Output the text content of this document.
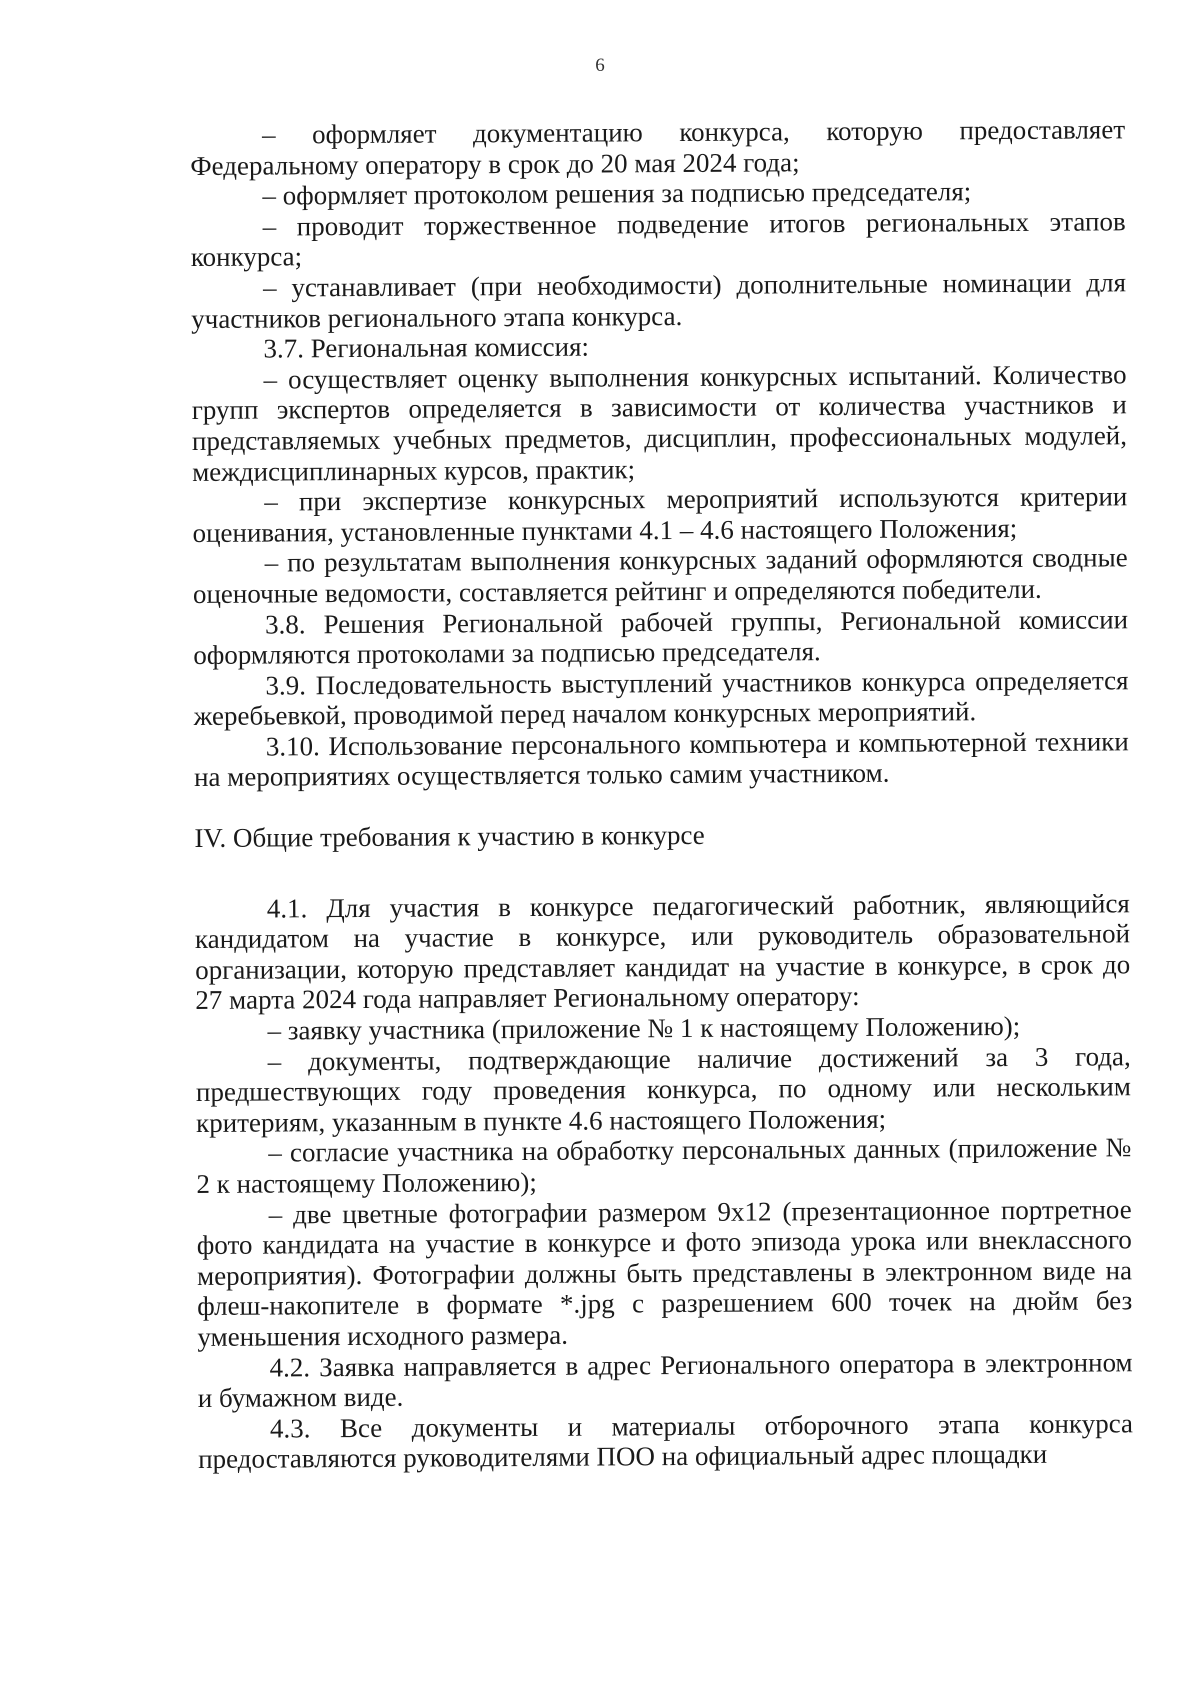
6

– оформляет документацию конкурса, которую предоставляет Федеральному оператору в срок до 20 мая 2024 года;

– оформляет протоколом решения за подписью председателя;

– проводит торжественное подведение итогов региональных этапов конкурса;

– устанавливает (при необходимости) дополнительные номинации для участников регионального этапа конкурса.

3.7. Региональная комиссия:

– осуществляет оценку выполнения конкурсных испытаний. Количество групп экспертов определяется в зависимости от количества участников и представляемых учебных предметов, дисциплин, профессиональных модулей, междисциплинарных курсов, практик;

– при экспертизе конкурсных мероприятий используются критерии оценивания, установленные пунктами 4.1 – 4.6 настоящего Положения;

– по результатам выполнения конкурсных заданий оформляются сводные оценочные ведомости, составляется рейтинг и определяются победители.

3.8. Решения Региональной рабочей группы, Региональной комиссии оформляются протоколами за подписью председателя.

3.9. Последовательность выступлений участников конкурса определяется жеребьевкой, проводимой перед началом конкурсных мероприятий.

3.10. Использование персонального компьютера и компьютерной техники на мероприятиях осуществляется только самим участником.

IV. Общие требования к участию в конкурсе

4.1. Для участия в конкурсе педагогический работник, являющийся кандидатом на участие в конкурсе, или руководитель образовательной организации, которую представляет кандидат на участие в конкурсе, в срок до 27 марта 2024 года направляет Региональному оператору:

– заявку участника (приложение № 1 к настоящему Положению);

– документы, подтверждающие наличие достижений за 3 года, предшествующих году проведения конкурса, по одному или нескольким критериям, указанным в пункте 4.6 настоящего Положения;

– согласие участника на обработку персональных данных (приложение № 2 к настоящему Положению);

– две цветные фотографии размером 9х12 (презентационное портретное фото кандидата на участие в конкурсе и фото эпизода урока или внеклассного мероприятия). Фотографии должны быть представлены в электронном виде на флеш-накопителе в формате *.jpg с разрешением 600 точек на дюйм без уменьшения исходного размера.

4.2. Заявка направляется в адрес Регионального оператора в электронном и бумажном виде.

4.3. Все документы и материалы отборочного этапа конкурса предоставляются руководителями ПОО на официальный адрес площадки
